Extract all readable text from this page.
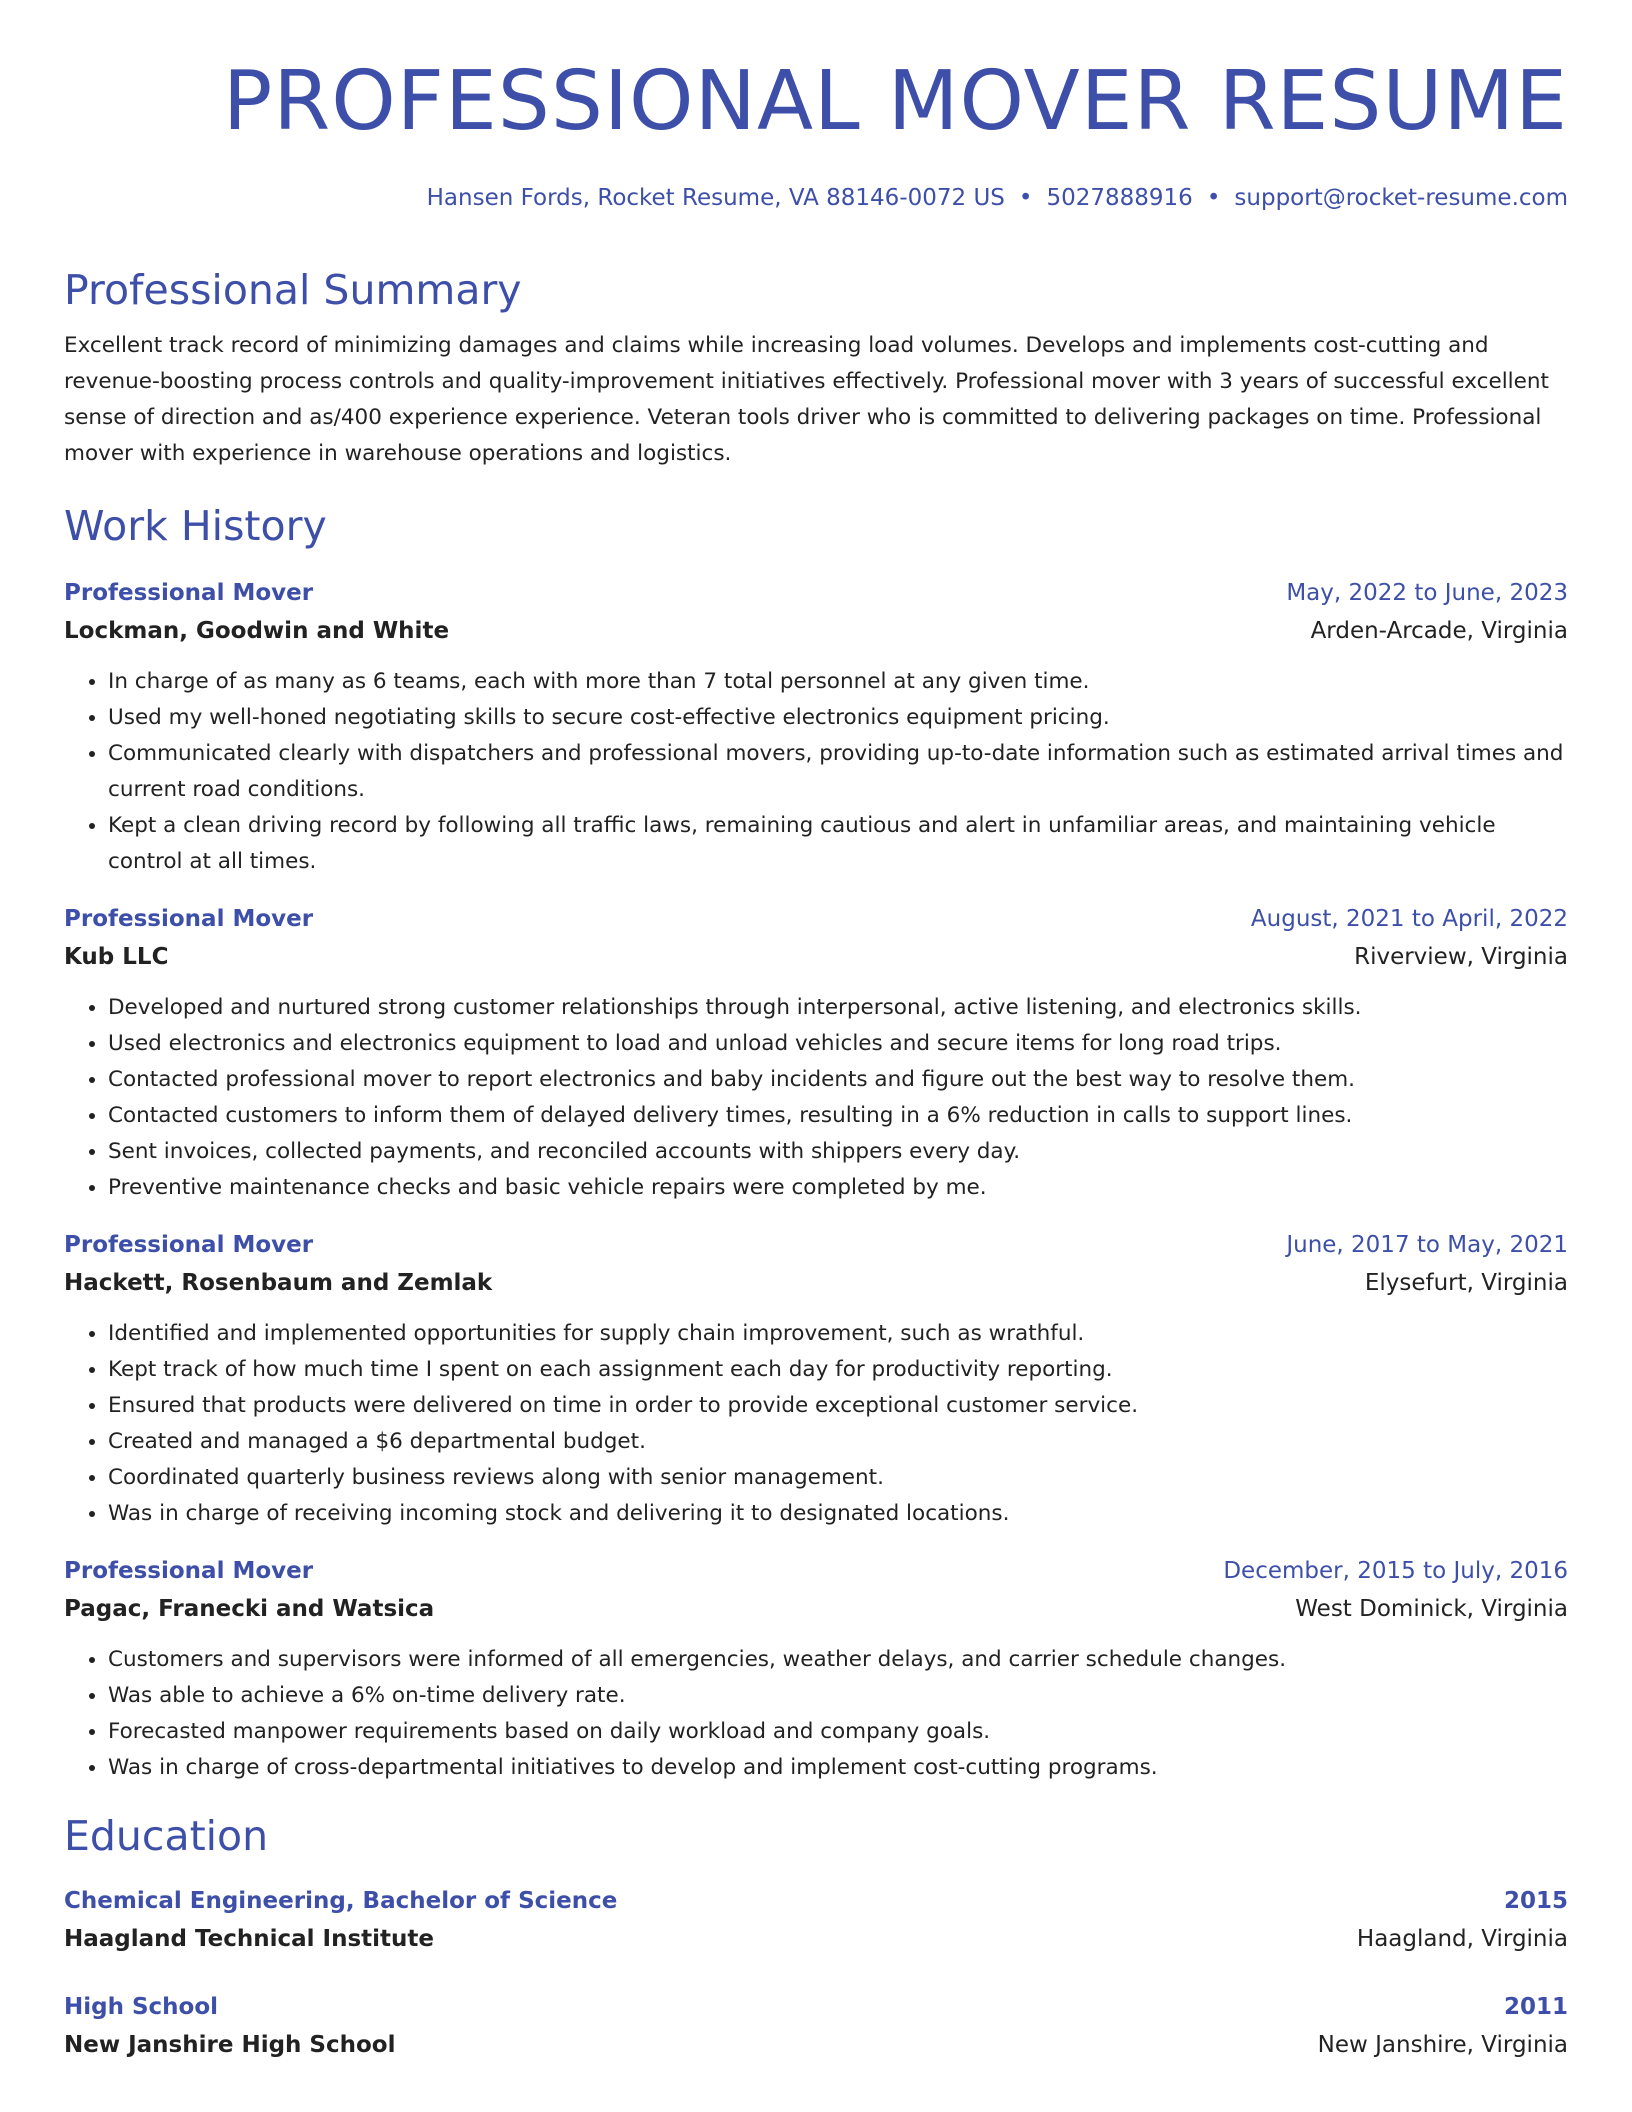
PROFESSIONAL MOVER RESUME
Hansen Fords, Rocket Resume, VA 88146-0072 US • 5027888916 • support@rocket-resume.com
Professional Summary

Excellent track record of minimizing damages and claims while increasing load volumes. Develops and implements cost-cutting and revenue-boosting process controls and quality-improvement initiatives effectively. Professional mover with 3 years of successful excellent sense of direction and as/400 experience experience. Veteran tools driver who is committed to delivering packages on time. Professional mover with experience in warehouse operations and logistics.

Work History
Professional Mover	May, 2022 to June, 2023
Lockman, Goodwin and White	Arden-Arcade, Virginia
• In charge of as many as 6 teams, each with more than 7 total personnel at any given time.
• Used my well-honed negotiating skills to secure cost-effective electronics equipment pricing.
• Communicated clearly with dispatchers and professional movers, providing up-to-date information such as estimated arrival times and current road conditions.
• Kept a clean driving record by following all traffic laws, remaining cautious and alert in unfamiliar areas, and maintaining vehicle control at all times.
Professional Mover	August, 2021 to April, 2022
Kub LLC	Riverview, Virginia
• Developed and nurtured strong customer relationships through interpersonal, active listening, and electronics skills.
• Used electronics and electronics equipment to load and unload vehicles and secure items for long road trips.
• Contacted professional mover to report electronics and baby incidents and figure out the best way to resolve them.
• Contacted customers to inform them of delayed delivery times, resulting in a 6% reduction in calls to support lines.
• Sent invoices, collected payments, and reconciled accounts with shippers every day.
• Preventive maintenance checks and basic vehicle repairs were completed by me.
Professional Mover	June, 2017 to May, 2021
Hackett, Rosenbaum and Zemlak	Elysefurt, Virginia
• Identified and implemented opportunities for supply chain improvement, such as wrathful.
• Kept track of how much time I spent on each assignment each day for productivity reporting.
• Ensured that products were delivered on time in order to provide exceptional customer service.
• Created and managed a $6 departmental budget.
• Coordinated quarterly business reviews along with senior management.
• Was in charge of receiving incoming stock and delivering it to designated locations.
Professional Mover	December, 2015 to July, 2016
Pagac, Franecki and Watsica	West Dominick, Virginia
• Customers and supervisors were informed of all emergencies, weather delays, and carrier schedule changes.
• Was able to achieve a 6% on-time delivery rate.
• Forecasted manpower requirements based on daily workload and company goals.
• Was in charge of cross-departmental initiatives to develop and implement cost-cutting programs.
Education
Chemical Engineering, Bachelor of Science	2015
Haagland Technical Institute	Haagland, Virginia
High School	2011
New Janshire High School	New Janshire, Virginia
